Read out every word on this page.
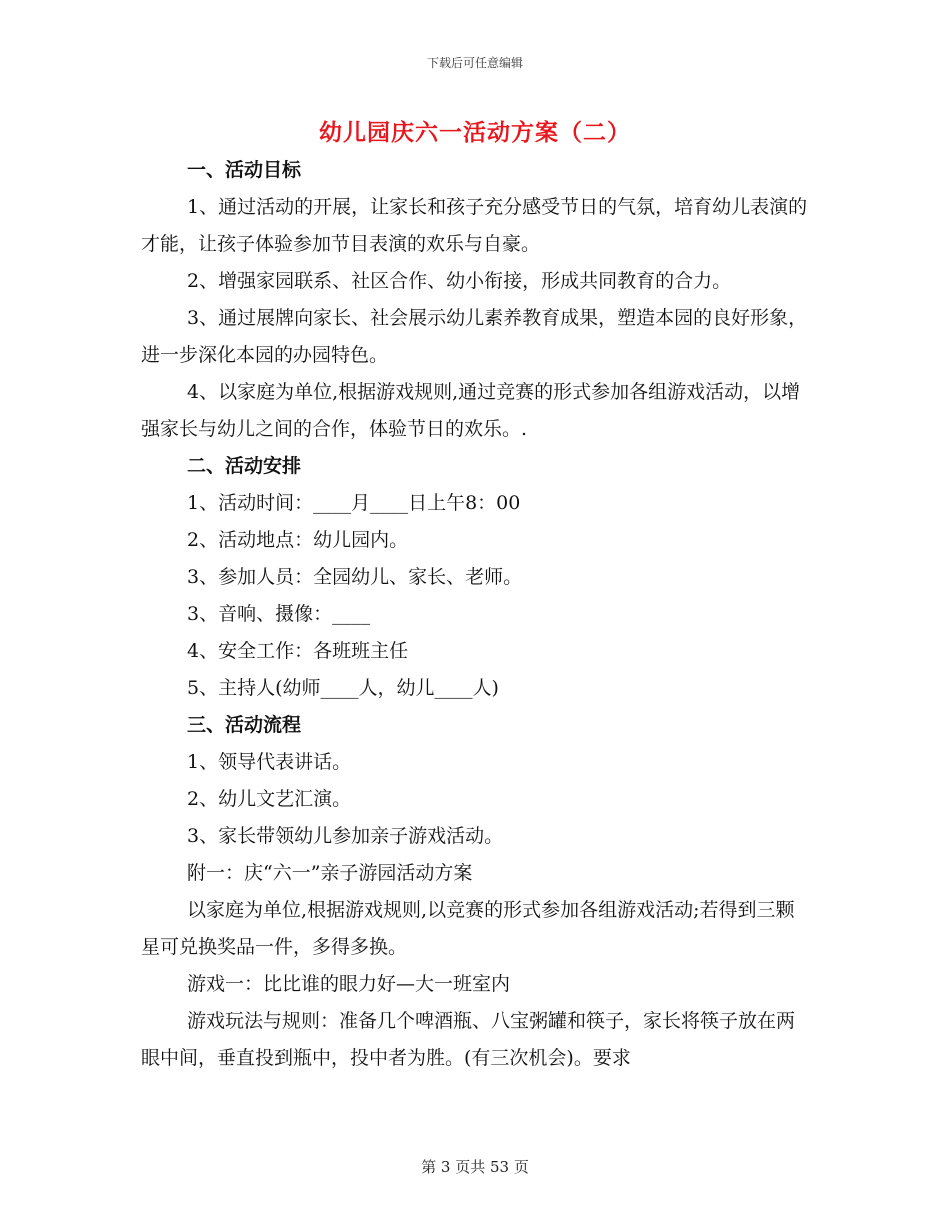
下载后可任意编辑
幼儿园庆六一活动方案（二）

一、活动目标

1、通过活动的开展，让家长和孩子充分感受节日的气氛，培育幼儿表演的才能，让孩子体验参加节目表演的欢乐与自豪。

2、增强家园联系、社区合作、幼小衔接，形成共同教育的合力。

3、通过展牌向家长、社会展示幼儿素养教育成果，塑造本园的良好形象，进一步深化本园的办园特色。

4、以家庭为单位,根据游戏规则,通过竞赛的形式参加各组游戏活动，以增强家长与幼儿之间的合作，体验节日的欢乐。.

二、活动安排

1、活动时间：____月____日上午8：00

2、活动地点：幼儿园内。

3、参加人员：全园幼儿、家长、老师。

3、音响、摄像：____

4、安全工作：各班班主任

5、主持人(幼师____人，幼儿____人)

三、活动流程

1、领导代表讲话。

2、幼儿文艺汇演。

3、家长带领幼儿参加亲子游戏活动。

附一：庆“六一”亲子游园活动方案

以家庭为单位,根据游戏规则,以竞赛的形式参加各组游戏活动;若得到三颗星可兑换奖品一件，多得多换。

游戏一：比比谁的眼力好—大一班室内

游戏玩法与规则：准备几个啤酒瓶、八宝粥罐和筷子，家长将筷子放在两眼中间，垂直投到瓶中，投中者为胜。(有三次机会)。要求

第 3 页共 53 页
